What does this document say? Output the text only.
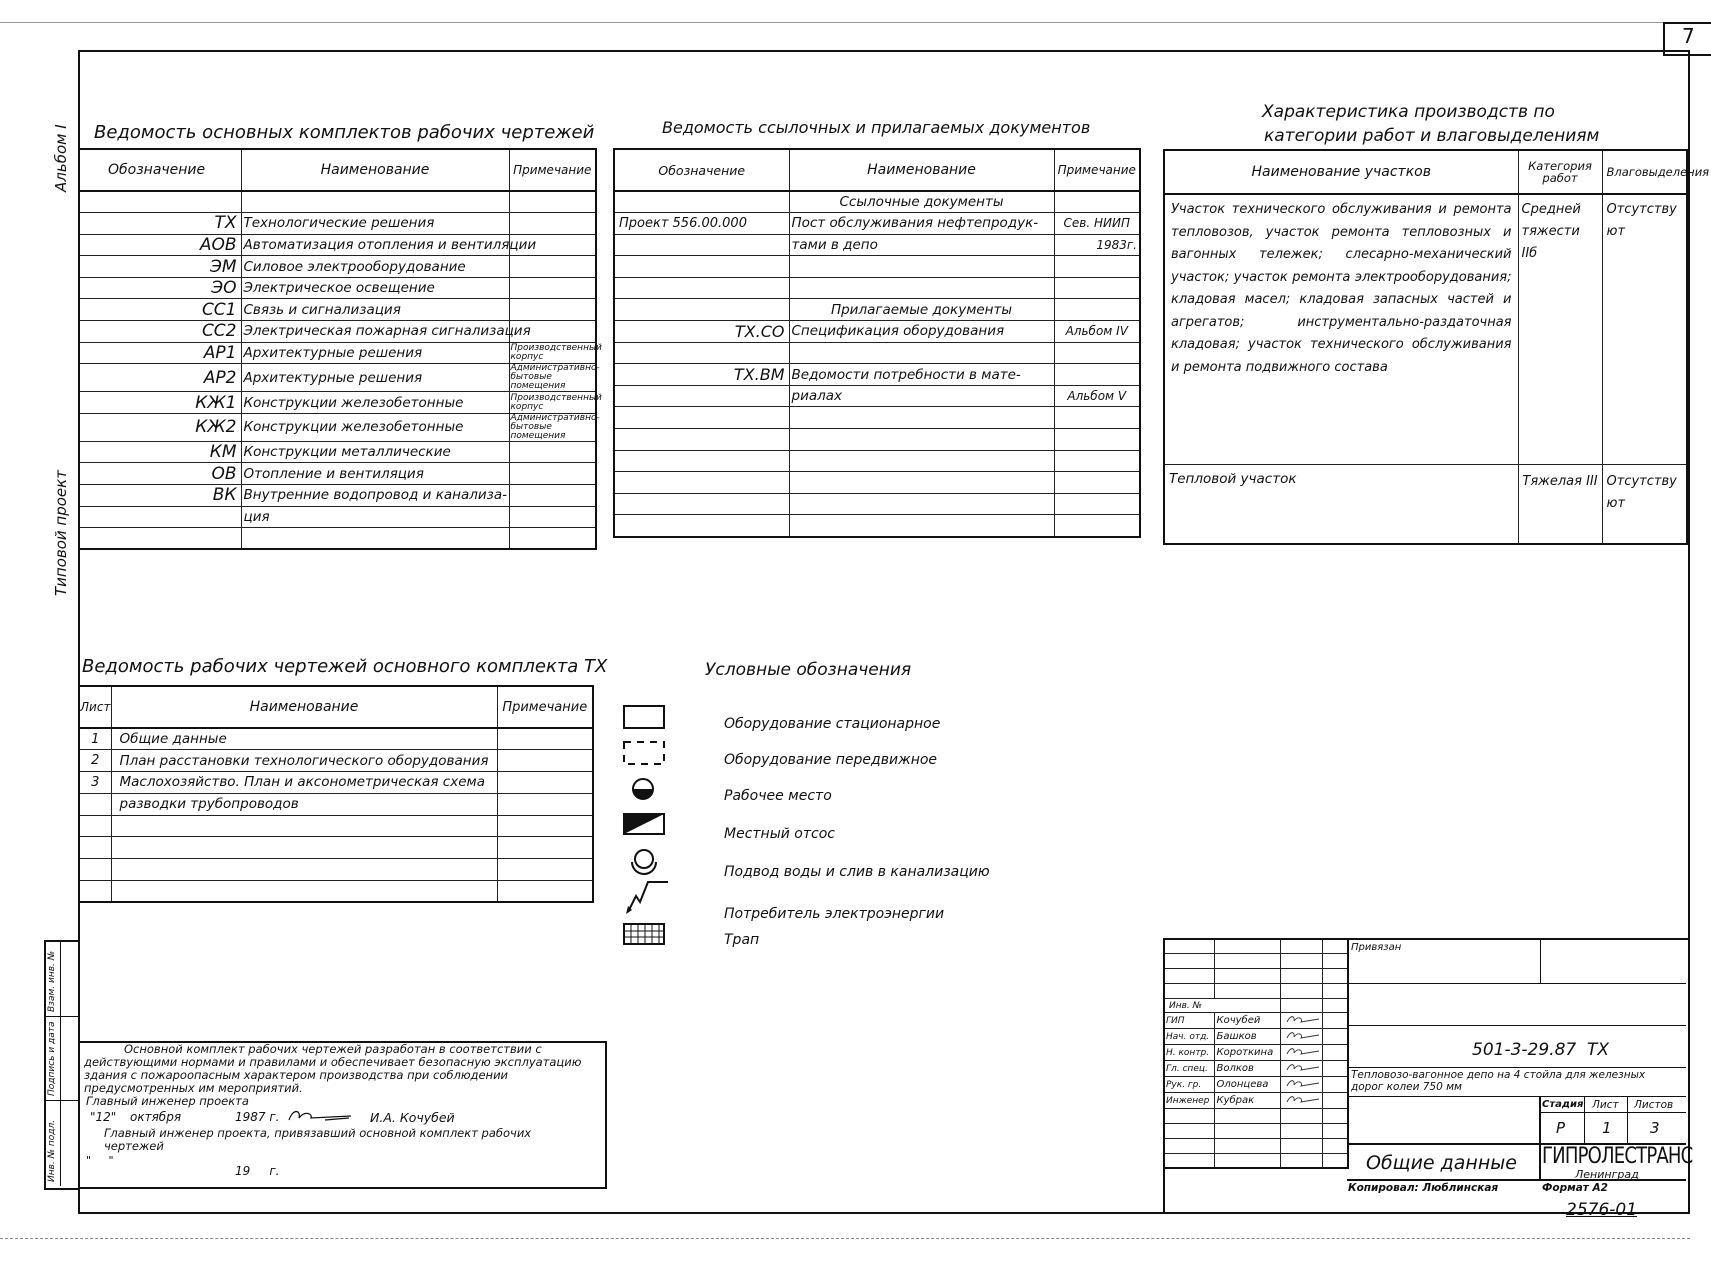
7
Альбом I
Типовой проект
Взам. инв. №
Подпись и дата
Инв. № подл.
Ведомость основных комплектов рабочих чертежей
Обозначение	Наименование	Примечание

ТХ	Технологические решения	
АОВ	Автоматизация отопления и вентиляции	
ЭМ	Силовое электрооборудование	
ЭО	Электрическое освещение	
СС1	Связь и сигнализация	
СС2	Электрическая пожарная сигнализация	
АР1	Архитектурные решения	Производственный корпус
АР2	Архитектурные решения	Административно-бытовые помещения
КЖ1	Конструкции железобетонные	Производственный корпус
КЖ2	Конструкции железобетонные	Административно-бытовые помещения
КМ	Конструкции металлические	
ОВ	Отопление и вентиляция	
ВК	Внутренние водопровод и канализа-	
	ция	

Ведомость ссылочных и прилагаемых документов
Обозначение	Наименование	Примечание
	Ссылочные документы	
Проект 556.00.000	Пост обслуживания нефтепродук-	Сев. НИИП
	тами в депо	1983г.

	Прилагаемые документы	
ТХ.СО	Спецификация оборудования	Альбом IV

ТХ.ВМ	Ведомости потребности в мате-	
	риалах	Альбом V

Характеристика производств по
категории работ и влаговыделениям
Наименование участков	Категория работ	Влаговыделения
Участок технического обслуживания и ремонта тепловозов, участок ремонта тепловозных и вагонных тележек; слесарно-механический участок; участок ремонта электрооборудования; кладовая масел; кладовая запасных частей и агрегатов; инструментально-раздаточная кладовая; участок технического обслуживания и ремонта подвижного состава	Средней тяжести IIб	Отсутствуют
Тепловой участок	Тяжелая III	Отсутствуют
Ведомость рабочих чертежей основного комплекта ТХ
Лист	Наименование	Примечание
1	Общие данные	
2	План расстановки технологического оборудования	
3	Маслохозяйство. План и аксонометрическая схема	
	разводки трубопроводов	

Условные обозначения
Оборудование стационарное
Оборудование передвижное
Рабочее место
Местный отсос
Подвод воды и слив в канализацию
Потребитель электроэнергии
Трап
Основной комплект рабочих чертежей разработан в соответствии с действующими нормами и правилами и обеспечивает безопасную эксплуатацию здания с пожароопасным характером производства при соблюдении предусмотренных им мероприятий.
Главный инженер проекта
"12" октября	1987 г.	И.А. Кочубей
Главный инженер проекта, привязавший основной комплект рабочих чертежей
"     "
19     г.

Инв. №			
ГИП	Кочубей		
Нач. отд.	Башков		
Н. контр.	Короткина		
Гл. спец.	Волков		
Рук. гр.	Олонцева		
Инженер	Кубрак		

Привязан
501-3-29.87  ТХ
Тепловозо-вагонное депо на 4 стойла для железных дорог колеи 750 мм
Стадия Лист Листов
Р 1	3
Общие данные ГИПРОЛЕСТРАНС
Ленинград
Копировал: Люблинская	Формат А2
2576-01
